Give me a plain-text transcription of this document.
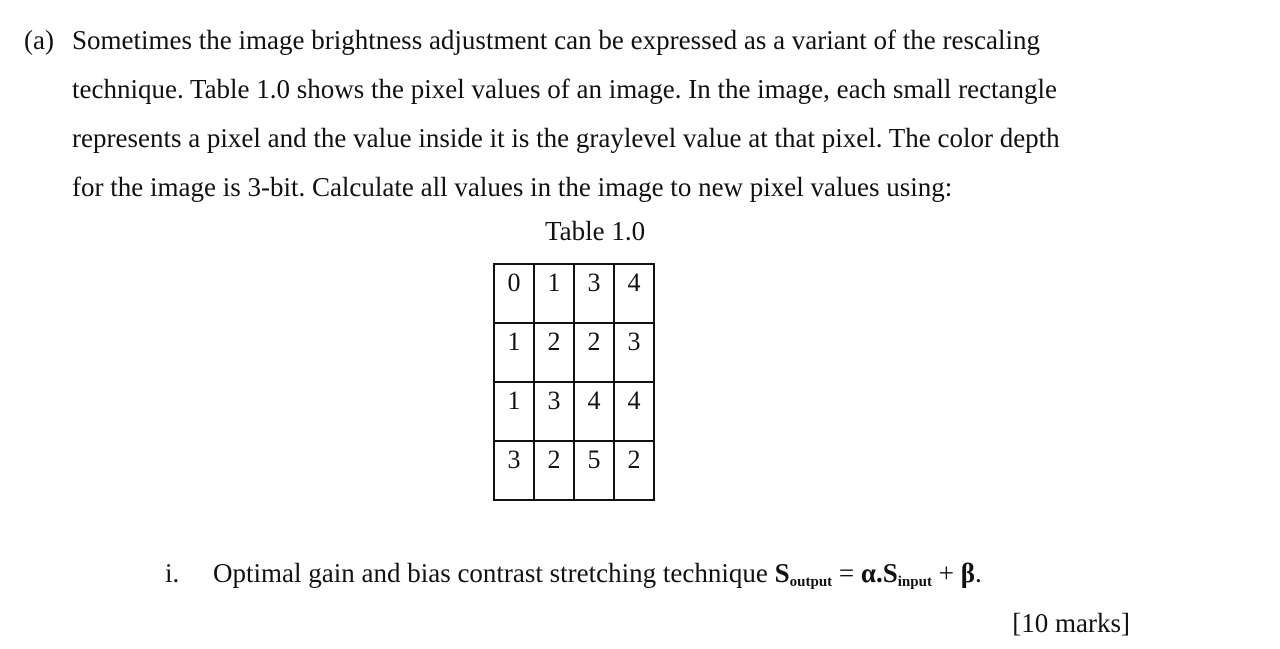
(a) Sometimes the image brightness adjustment can be expressed as a variant of the rescaling
technique. Table 1.0 shows the pixel values of an image. In the image, each small rectangle
represents a pixel and the value inside it is the graylevel value at that pixel. The color depth
for the image is 3-bit. Calculate all values in the image to new pixel values using:
Table 1.0
0	1	3	4
1	2	2	3
1	3	4	4
3	2	5	2
i. Optimal gain and bias contrast stretching technique $S_{output} = \alpha.S_{input} + \beta$.
[10 marks]
